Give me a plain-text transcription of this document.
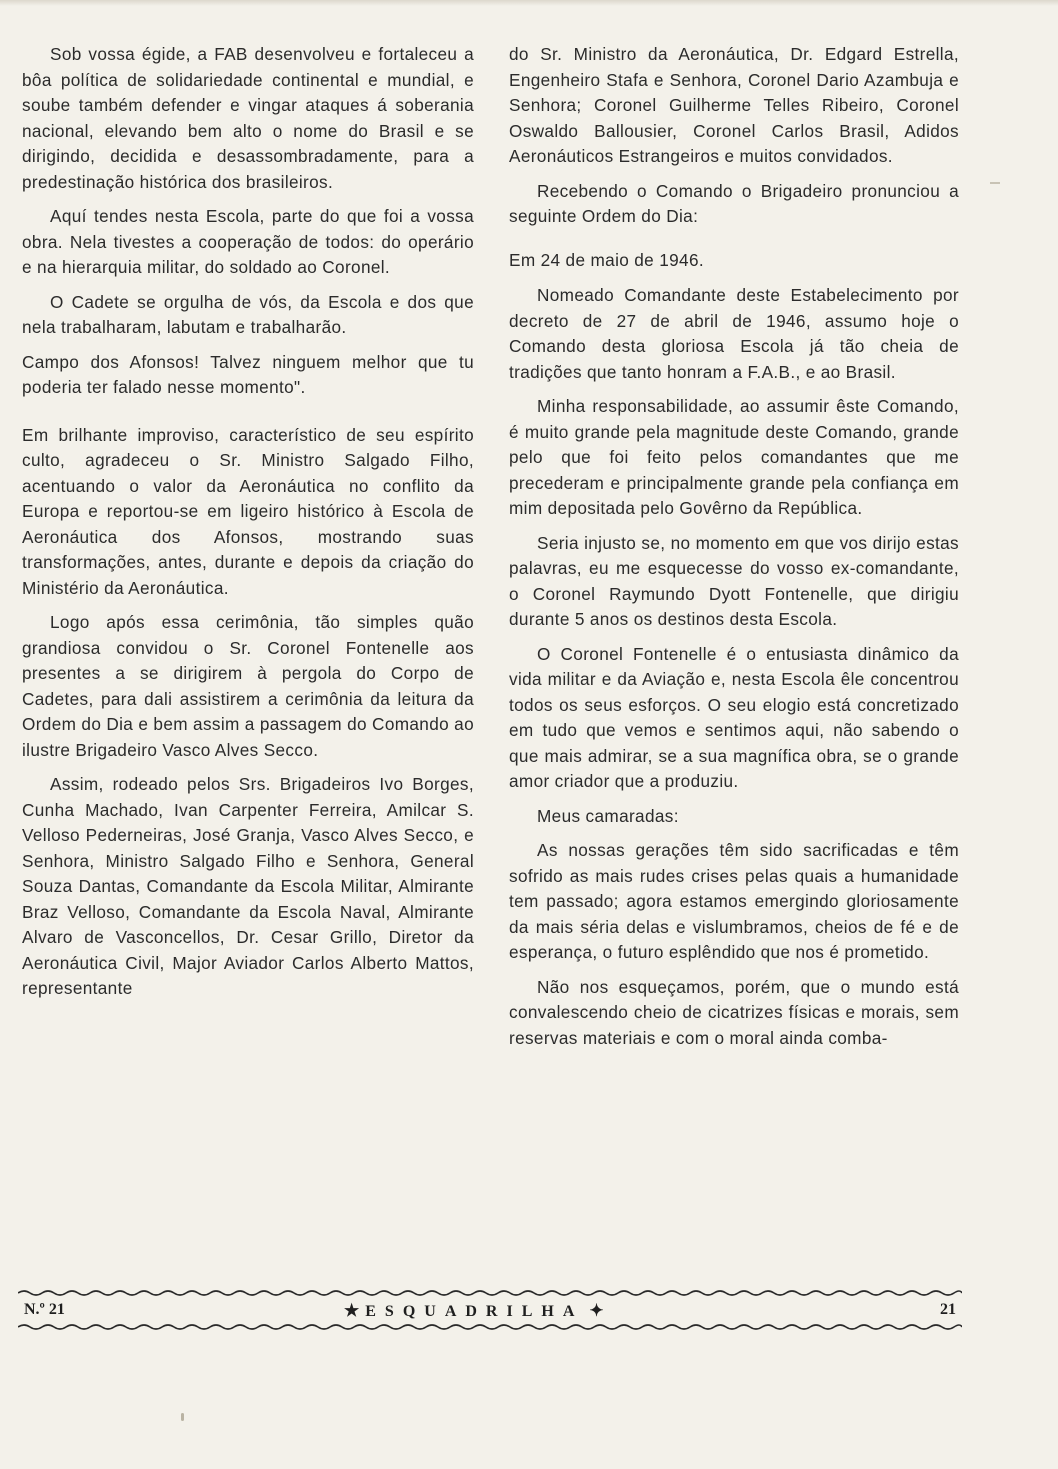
Sob vossa égide, a FAB desenvolveu e fortaleceu a bôa política de solidariedade continental e mundial, e soube também defender e vingar ataques á soberania nacional, elevando bem alto o nome do Brasil e se dirigindo, decidida e desassombradamente, para a predestinação histórica dos brasileiros.

Aquí tendes nesta Escola, parte do que foi a vossa obra. Nela tivestes a cooperação de todos: do operário e na hierarquia militar, do soldado ao Coronel.

O Cadete se orgulha de vós, da Escola e dos que nela trabalharam, labutam e trabalharão.

Campo dos Afonsos! Talvez ninguem melhor que tu poderia ter falado nesse momento".

Em brilhante improviso, característico de seu espírito culto, agradeceu o Sr. Ministro Salgado Filho, acentuando o valor da Aeronáutica no conflito da Europa e reportou-se em ligeiro histórico à Escola de Aeronáutica dos Afonsos, mostrando suas transformações, antes, durante e depois da criação do Ministério da Aeronáutica.

Logo após essa cerimônia, tão simples quão grandiosa convidou o Sr. Coronel Fontenelle aos presentes a se dirigirem à pergola do Corpo de Cadetes, para dali assistirem a cerimônia da leitura da Ordem do Dia e bem assim a passagem do Comando ao ilustre Brigadeiro Vasco Alves Secco.

Assim, rodeado pelos Srs. Brigadeiros Ivo Borges, Cunha Machado, Ivan Carpenter Ferreira, Amilcar S. Velloso Pederneiras, José Granja, Vasco Alves Secco, e Senhora, Ministro Salgado Filho e Senhora, General Souza Dantas, Comandante da Escola Militar, Almirante Braz Velloso, Comandante da Escola Naval, Almirante Alvaro de Vasconcellos, Dr. Cesar Grillo, Diretor da Aeronáutica Civil, Major Aviador Carlos Alberto Mattos, representante

do Sr. Ministro da Aeronáutica, Dr. Edgard Estrella, Engenheiro Stafa e Senhora, Coronel Dario Azambuja e Senhora; Coronel Guilherme Telles Ribeiro, Coronel Oswaldo Ballousier, Coronel Carlos Brasil, Adidos Aeronáuticos Estrangeiros e muitos convidados.

Recebendo o Comando o Brigadeiro pronunciou a seguinte Ordem do Dia:

Em 24 de maio de 1946.

Nomeado Comandante deste Estabelecimento por decreto de 27 de abril de 1946, assumo hoje o Comando desta gloriosa Escola já tão cheia de tradições que tanto honram a F.A.B., e ao Brasil.

Minha responsabilidade, ao assumir êste Comando, é muito grande pela magnitude deste Comando, grande pelo que foi feito pelos comandantes que me precederam e principalmente grande pela confiança em mim depositada pelo Govêrno da República.

Seria injusto se, no momento em que vos dirijo estas palavras, eu me esquecesse do vosso ex-comandante, o Coronel Raymundo Dyott Fontenelle, que dirigiu durante 5 anos os destinos desta Escola.

O Coronel Fontenelle é o entusiasta dinâmico da vida militar e da Aviação e, nesta Escola êle concentrou todos os seus esforços. O seu elogio está concretizado em tudo que vemos e sentimos aqui, não sabendo o que mais admirar, se a sua magnífica obra, se o grande amor criador que a produziu.

Meus camaradas:

As nossas gerações têm sido sacrificadas e têm sofrido as mais rudes crises pelas quais a humanidade tem passado; agora estamos emergindo gloriosamente da mais séria delas e vislumbramos, cheios de fé e de esperança, o futuro esplêndido que nos é prometido.

Não nos esqueçamos, porém, que o mundo está convalescendo cheio de cicatrizes físicas e morais, sem reservas materiais e com o moral ainda comba-

N.º 21	★ ESQUADRILHA ✦	21
